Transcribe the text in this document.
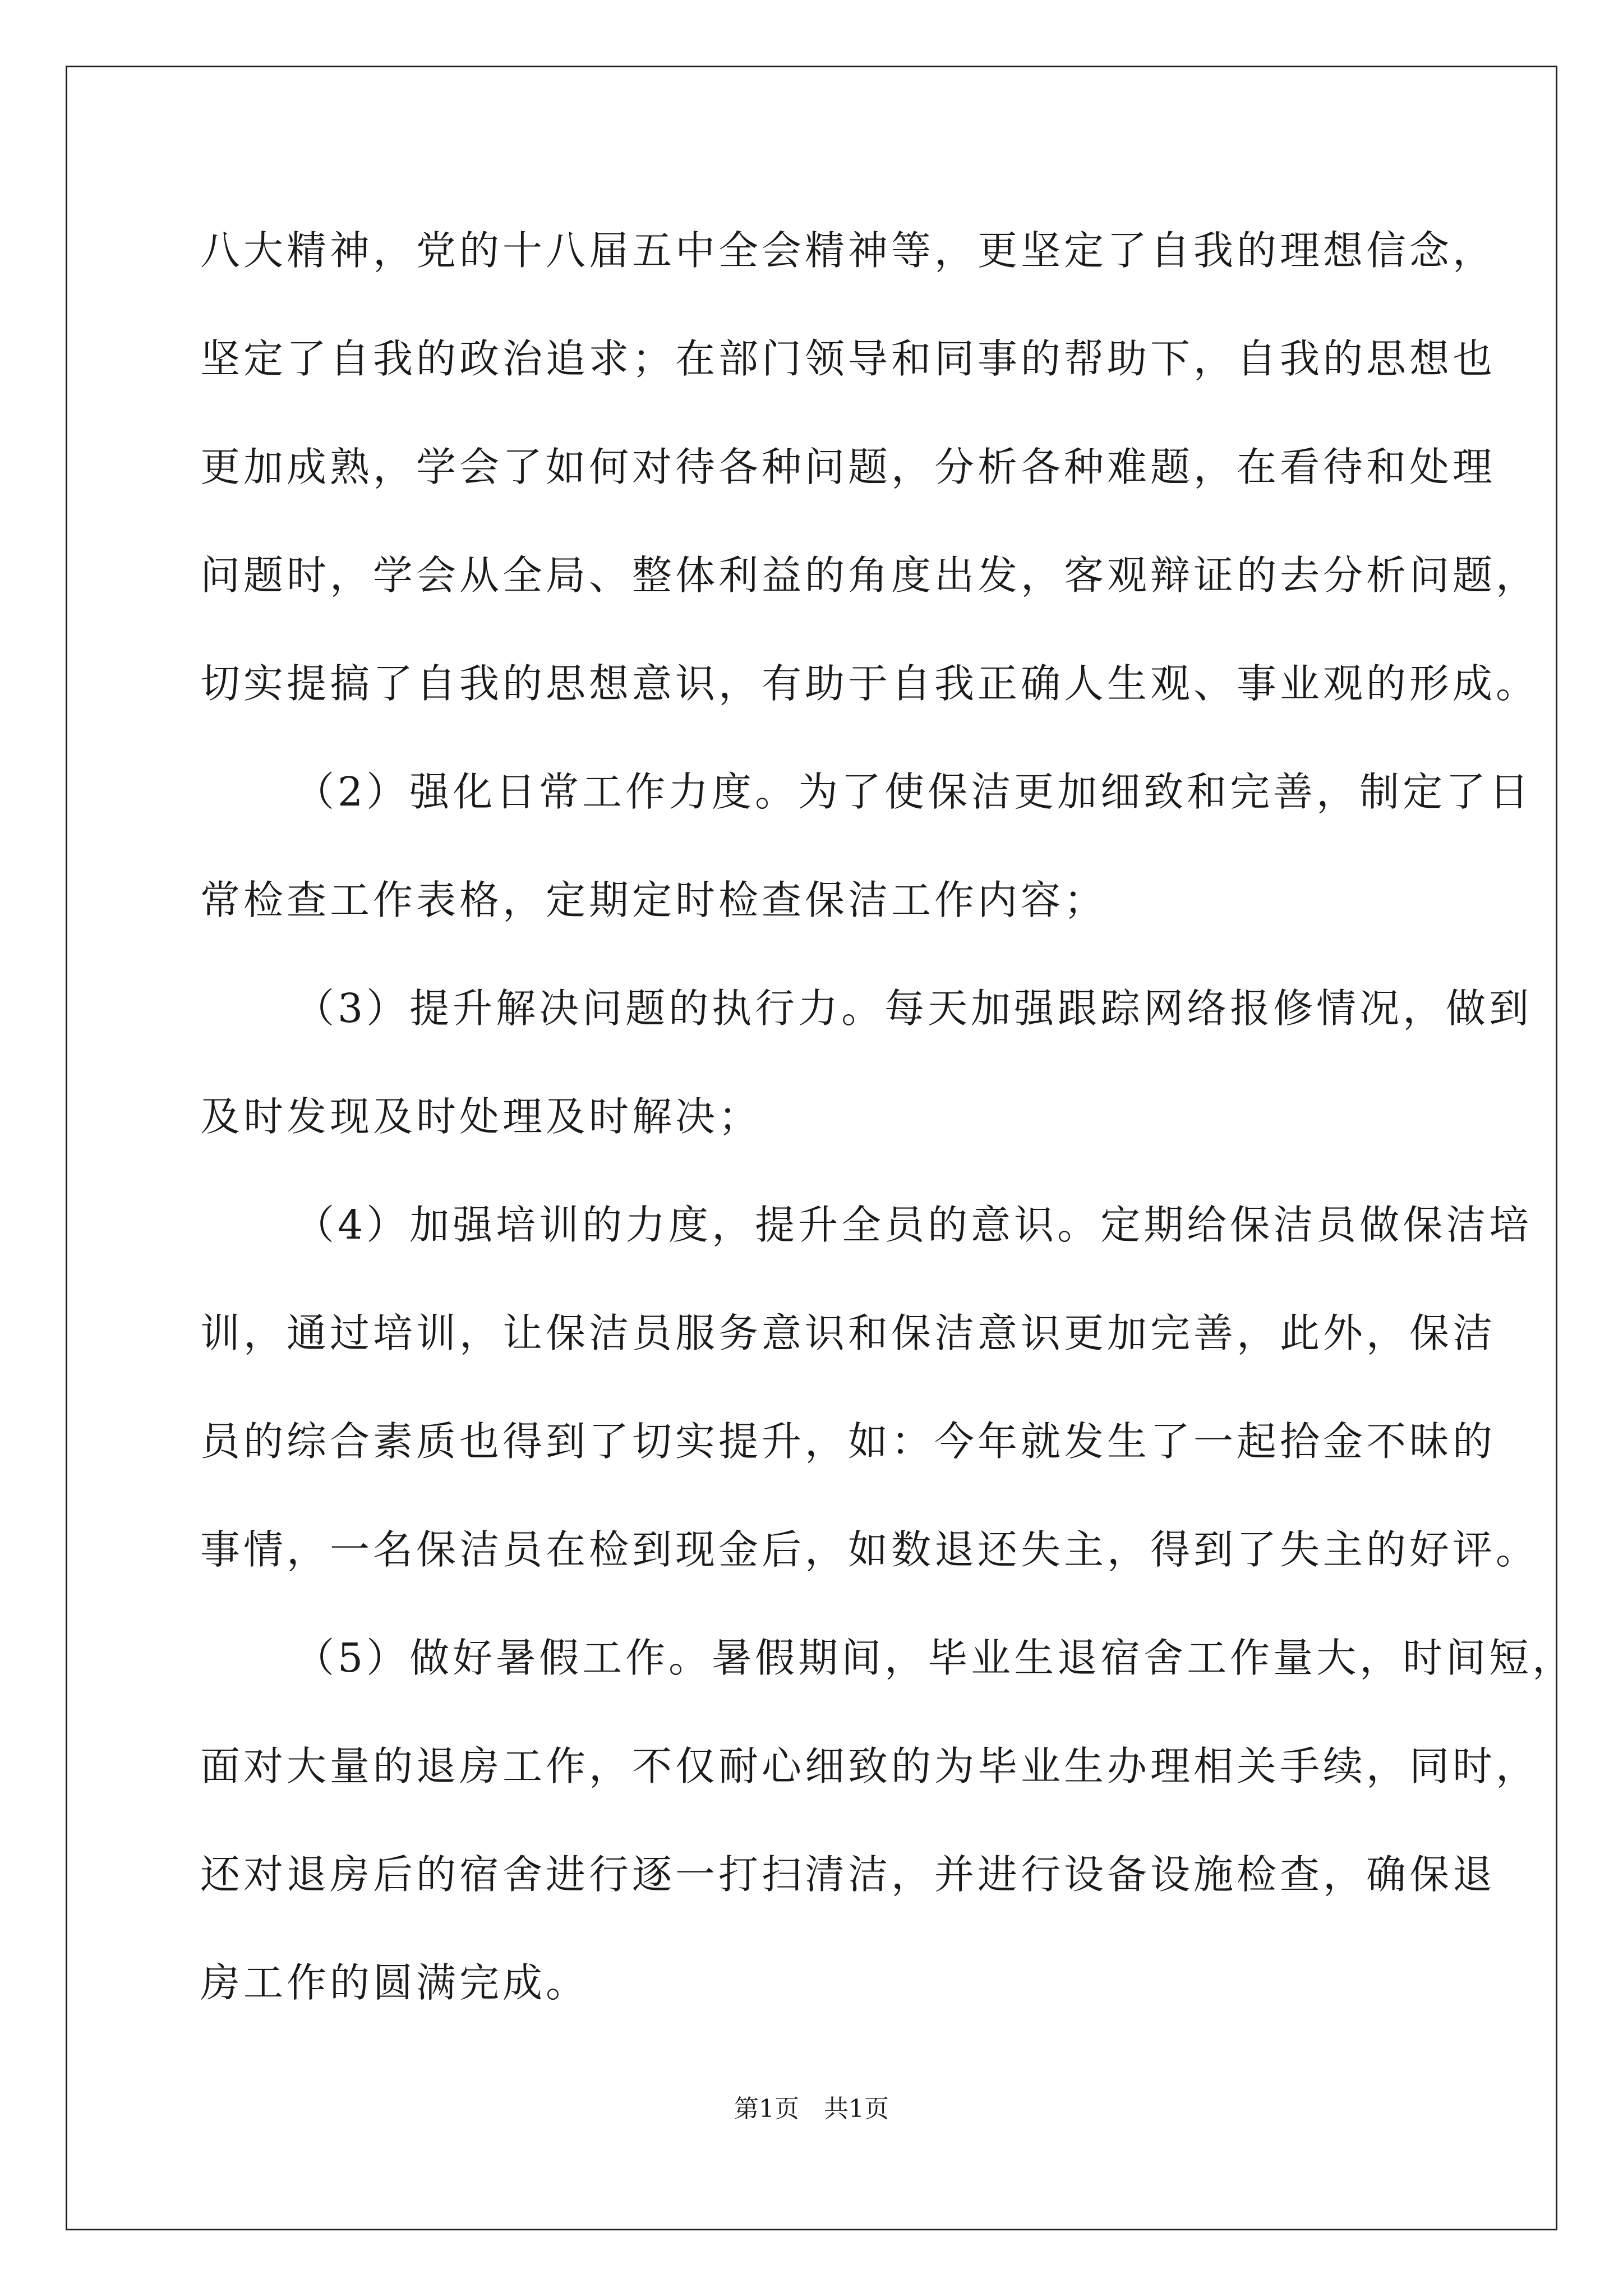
八大精神，党的十八届五中全会精神等，更坚定了自我的理想信念，
坚定了自我的政治追求；在部门领导和同事的帮助下，自我的思想也
更加成熟，学会了如何对待各种问题，分析各种难题，在看待和处理
问题时，学会从全局、整体利益的角度出发，客观辩证的去分析问题，
切实提搞了自我的思想意识，有助于自我正确人生观、事业观的形成。
（2）强化日常工作力度。为了使保洁更加细致和完善，制定了日
常检查工作表格，定期定时检查保洁工作内容；
（3）提升解决问题的执行力。每天加强跟踪网络报修情况，做到
及时发现及时处理及时解决；
（4）加强培训的力度，提升全员的意识。定期给保洁员做保洁培
训，通过培训，让保洁员服务意识和保洁意识更加完善，此外，保洁
员的综合素质也得到了切实提升，如：今年就发生了一起拾金不昧的
事情，一名保洁员在检到现金后，如数退还失主，得到了失主的好评。
（5）做好暑假工作。暑假期间，毕业生退宿舍工作量大，时间短，
面对大量的退房工作，不仅耐心细致的为毕业生办理相关手续，同时，
还对退房后的宿舍进行逐一打扫清洁，并进行设备设施检查，确保退
房工作的圆满完成。
第1页 共1页
